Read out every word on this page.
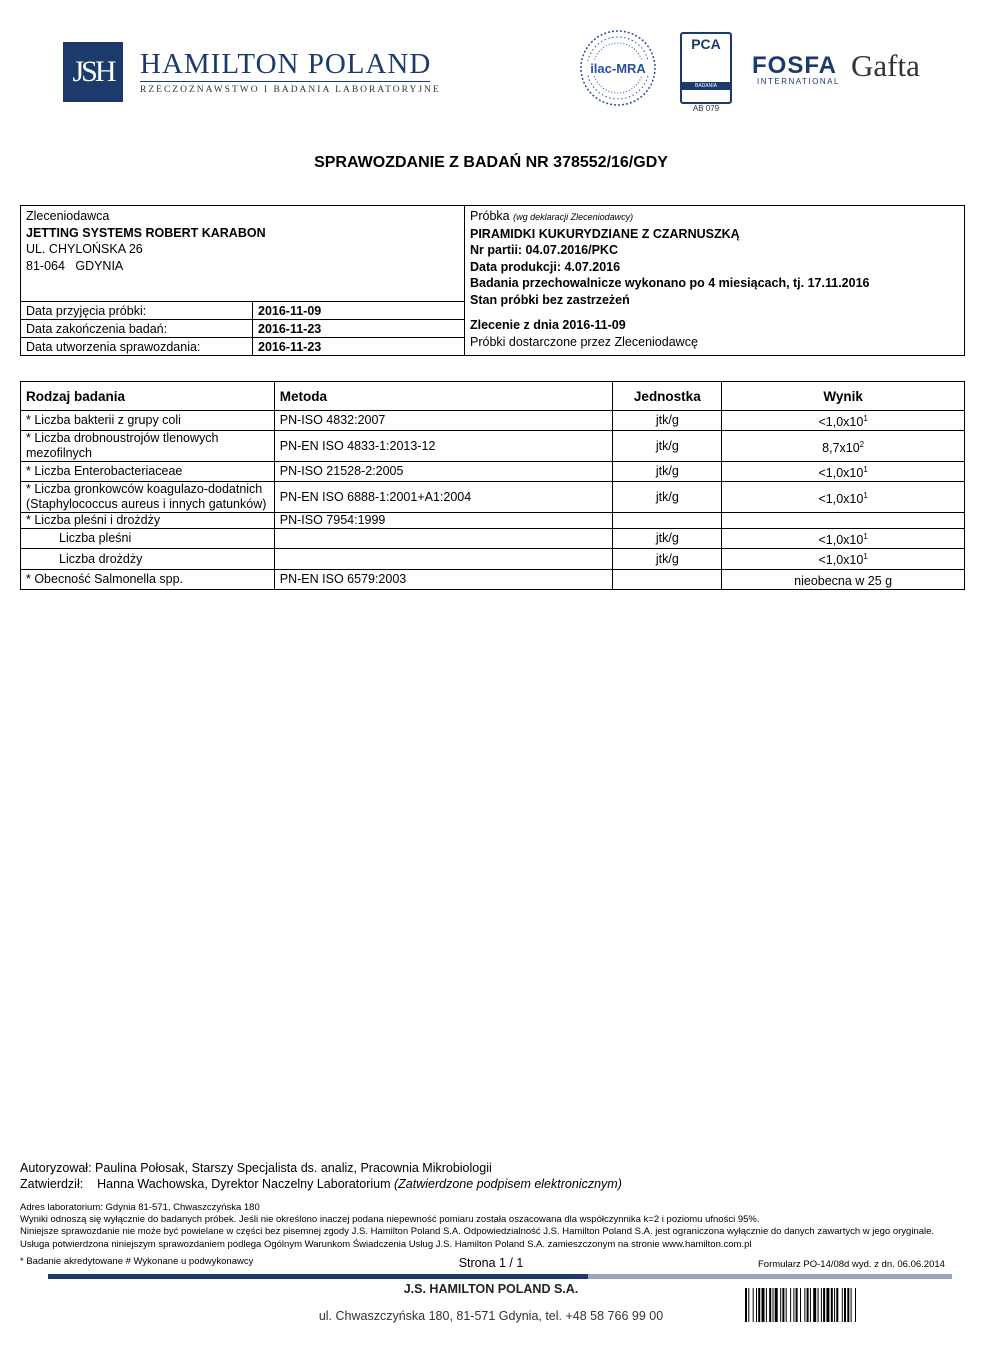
JSH HAMILTON POLAND
RZECZOZNAWSTWO I BADANIA LABORATORYJNE
ilac-MRA
PCA
BADANIA
AB 079
FOSFA
INTERNATIONAL Gafta
SPRAWOZDANIE Z BADAŃ NR 378552/16/GDY
Zleceniodawca
JETTING SYSTEMS ROBERT KARABON
UL. CHYLOŃSKA 26
81-064   GDYNIA
Data przyjęcia próbki:	2016-11-09
Data zakończenia badań:	2016-11-23
Data utworzenia sprawozdania:	2016-11-23
Próbka (wg deklaracji Zleceniodawcy)
PIRAMIDKI KUKURYDZIANE Z CZARNUSZKĄ
Nr partii: 04.07.2016/PKC
Data produkcji: 4.07.2016
Badania przechowalnicze wykonano po 4 miesiącach, tj. 17.11.2016
Stan próbki bez zastrzeżeń
Zlecenie z dnia 2016-11-09
Próbki dostarczone przez Zleceniodawcę
Rodzaj badania	Metoda	Jednostka	Wynik
* Liczba bakterii z grupy coli	PN-ISO 4832:2007	jtk/g	$<1,0x10^1$
* Liczba drobnoustrojów tlenowych mezofilnych	PN-EN ISO 4833-1:2013-12	jtk/g	$8,7x10^2$
* Liczba Enterobacteriaceae	PN-ISO 21528-2:2005	jtk/g	$<1,0x10^1$
* Liczba gronkowców koagulazo-dodatnich (Staphylococcus aureus i innych gatunków)	PN-EN ISO 6888-1:2001+A1:2004	jtk/g	$<1,0x10^1$
* Liczba pleśni i drożdży	PN-ISO 7954:1999		
Liczba pleśni		jtk/g	$<1,0x10^1$
Liczba drożdży		jtk/g	$<1,0x10^1$
* Obecność Salmonella spp.	PN-EN ISO 6579:2003		nieobecna w 25 g
Autoryzował: Paulina Połosak, Starszy Specjalista ds. analiz, Pracownia Mikrobiologii
Zatwierdził:    Hanna Wachowska, Dyrektor Naczelny Laboratorium (Zatwierdzone podpisem elektronicznym)
Adres laboratorium: Gdynia 81-571, Chwaszczyńska 180
Wyniki odnoszą się wyłącznie do badanych próbek. Jeśli nie określono inaczej podana niepewność pomiaru została oszacowana dla współczynnika k=2 i poziomu ufności 95%.
Niniejsze sprawozdanie nie może być powielane w części bez pisemnej zgody J.S. Hamilton Poland S.A. Odpowiedzialność J.S. Hamilton Poland S.A. jest ograniczona wyłącznie do danych zawartych w jego oryginale. Usługa potwierdzona niniejszym sprawozdaniem podlega Ogólnym Warunkom Świadczenia Usług J.S. Hamilton Poland S.A. zamieszczonym na stronie www.hamilton.com.pl
* Badanie akredytowane # Wykonane u podwykonawcy	Strona 1 / 1	Formularz PO-14/08d wyd. z dn. 06.06.2014
J.S. HAMILTON POLAND S.A.
ul. Chwaszczyńska 180, 81-571 Gdynia, tel. +48 58 766 99 00
